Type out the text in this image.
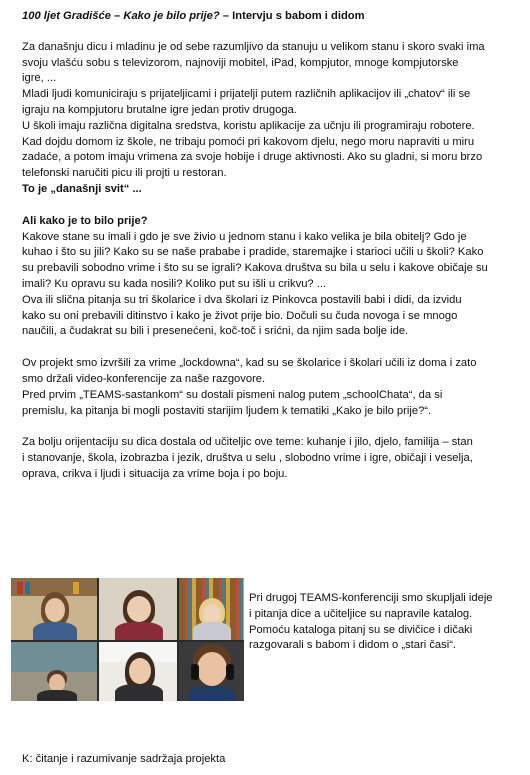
100 ljet Gradišće – Kako je bilo prije? – Intervju s babom i didom
Za današnju dicu i mladinu je od sebe razumljivo da stanuju u velikom stanu i skoro svaki ima
svoju vlašću sobu s televizorom, najnoviji mobitel, iPad, kompjutor, mnoge kompjutorske
igre, ...
Mladi ljudi komuniciraju s prijateljicami i prijatelji putem različnih aplikacijov ili „chatov“ ili se
igraju na kompjutoru brutalne igre jedan protiv drugoga.
U školi imaju različna digitalna sredstva, koristu aplikacije za učnju ili programiraju robotere.
Kad dojdu domom iz škole, ne tribaju pomoći pri kakovom djelu, nego moru napraviti u miru
zadaće, a potom imaju vrimena za svoje hobije i druge aktivnosti. Ako su gladni, si moru brzo
telefonski naručiti picu ili projti u restoran.
To je „današnji svit“ ...
Ali kako je to bilo prije?
Kakove stane su imali i gdo je sve živio u jednom stanu i kako velika je bila obitelj? Gdo je
kuhao i što su jili? Kako su se naše prababe i pradide, staremajke i starioci učili u školi? Kako
su prebavili sobodno vrime i što su se igrali? Kakova društva su bila u selu i kakove običaje su
imali? Ku opravu su kada nosili? Koliko put su išli u crikvu? ...
Ova ili slična pitanja su tri školarice i dva školari iz Pinkovca postavili babi i didi, da izvidu
kako su oni prebavili ditinstvo i kako je život prije bio. Dočuli su čuda novoga i se mnogo
naučili, a čudakrat su bili i presenećeni, koč-toč i srićni, da njim sada bolje ide.
Ov projekt smo izvršili za vrime „lockdowna“, kad su se školarice i školari učili iz doma i zato
smo držali video-konferencije za naše razgovore.
Pred prvim „TEAMS-sastankom“ su dostali pismeni nalog putem „schoolChata“, da si
premislu, ka pitanja bi mogli postaviti starijim ljudem k tematiki „Kako je bilo prije?“.
Za bolju orijentaciju su dica dostala od učiteljic ove teme: kuhanje i jilo, djelo, familija – stan
i stanovanje, škola, izobrazba i jezik, društva u selu , slobodno vrime i igre, običaji i veselja,
oprava, crikva i ljudi i situacija za vrime boja i po boju.
Pri drugoj TEAMS-konferenciji smo skupljali ideje
i pitanja dice a učiteljice su napravile katalog.
Pomoću kataloga pitanj su se divičice i dičaki
razgovarali s babom i didom o „stari časi“.
K: čitanje i razumivanje sadržaja projekta
